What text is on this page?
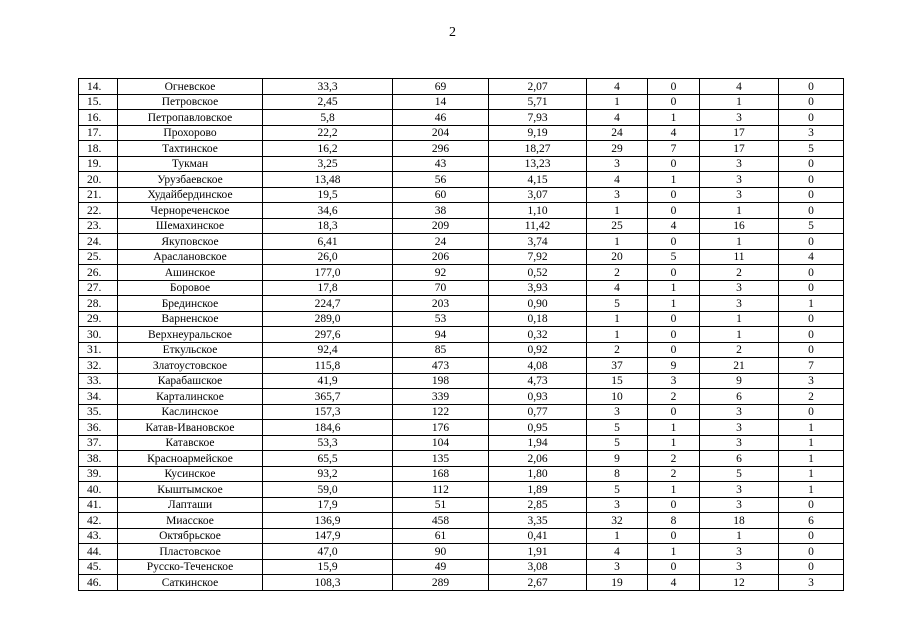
2
14.	Огневское	33,3	69	2,07	4	0	4	0
15.	Петровское	2,45	14	5,71	1	0	1	0
16.	Петропавловское	5,8	46	7,93	4	1	3	0
17.	Прохорово	22,2	204	9,19	24	4	17	3
18.	Тахтинское	16,2	296	18,27	29	7	17	5
19.	Тукман	3,25	43	13,23	3	0	3	0
20.	Урузбаевское	13,48	56	4,15	4	1	3	0
21.	Худайбердинское	19,5	60	3,07	3	0	3	0
22.	Чернореченское	34,6	38	1,10	1	0	1	0
23.	Шемахинское	18,3	209	11,42	25	4	16	5
24.	Якуповское	6,41	24	3,74	1	0	1	0
25.	Араслановское	26,0	206	7,92	20	5	11	4
26.	Ашинское	177,0	92	0,52	2	0	2	0
27.	Боровое	17,8	70	3,93	4	1	3	0
28.	Брединское	224,7	203	0,90	5	1	3	1
29.	Варненское	289,0	53	0,18	1	0	1	0
30.	Верхнеуральское	297,6	94	0,32	1	0	1	0
31.	Еткульское	92,4	85	0,92	2	0	2	0
32.	Златоустовское	115,8	473	4,08	37	9	21	7
33.	Карабашское	41,9	198	4,73	15	3	9	3
34.	Карталинское	365,7	339	0,93	10	2	6	2
35.	Каслинское	157,3	122	0,77	3	0	3	0
36.	Катав-Ивановское	184,6	176	0,95	5	1	3	1
37.	Катавское	53,3	104	1,94	5	1	3	1
38.	Красноармейское	65,5	135	2,06	9	2	6	1
39.	Кусинское	93,2	168	1,80	8	2	5	1
40.	Кыштымское	59,0	112	1,89	5	1	3	1
41.	Лапташи	17,9	51	2,85	3	0	3	0
42.	Миасское	136,9	458	3,35	32	8	18	6
43.	Октябрьское	147,9	61	0,41	1	0	1	0
44.	Пластовское	47,0	90	1,91	4	1	3	0
45.	Русско-Теченское	15,9	49	3,08	3	0	3	0
46.	Саткинское	108,3	289	2,67	19	4	12	3
